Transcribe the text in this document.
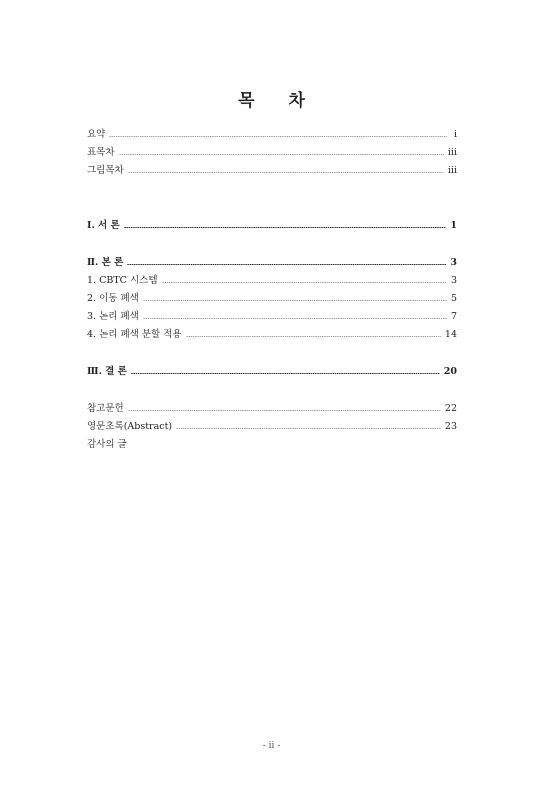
목 차
요약	i
표목차	iii
그림목차	iii
Ⅰ. 서 론	1
Ⅱ. 본 론	3
1. CBTC 시스템	3
2. 이동 폐색	5
3. 논리 폐색	7
4. 논리 폐색 분할 적용	14
Ⅲ. 결 론	20
참고문헌	22
영문초록(Abstract)	23
감사의 글
- ii -
